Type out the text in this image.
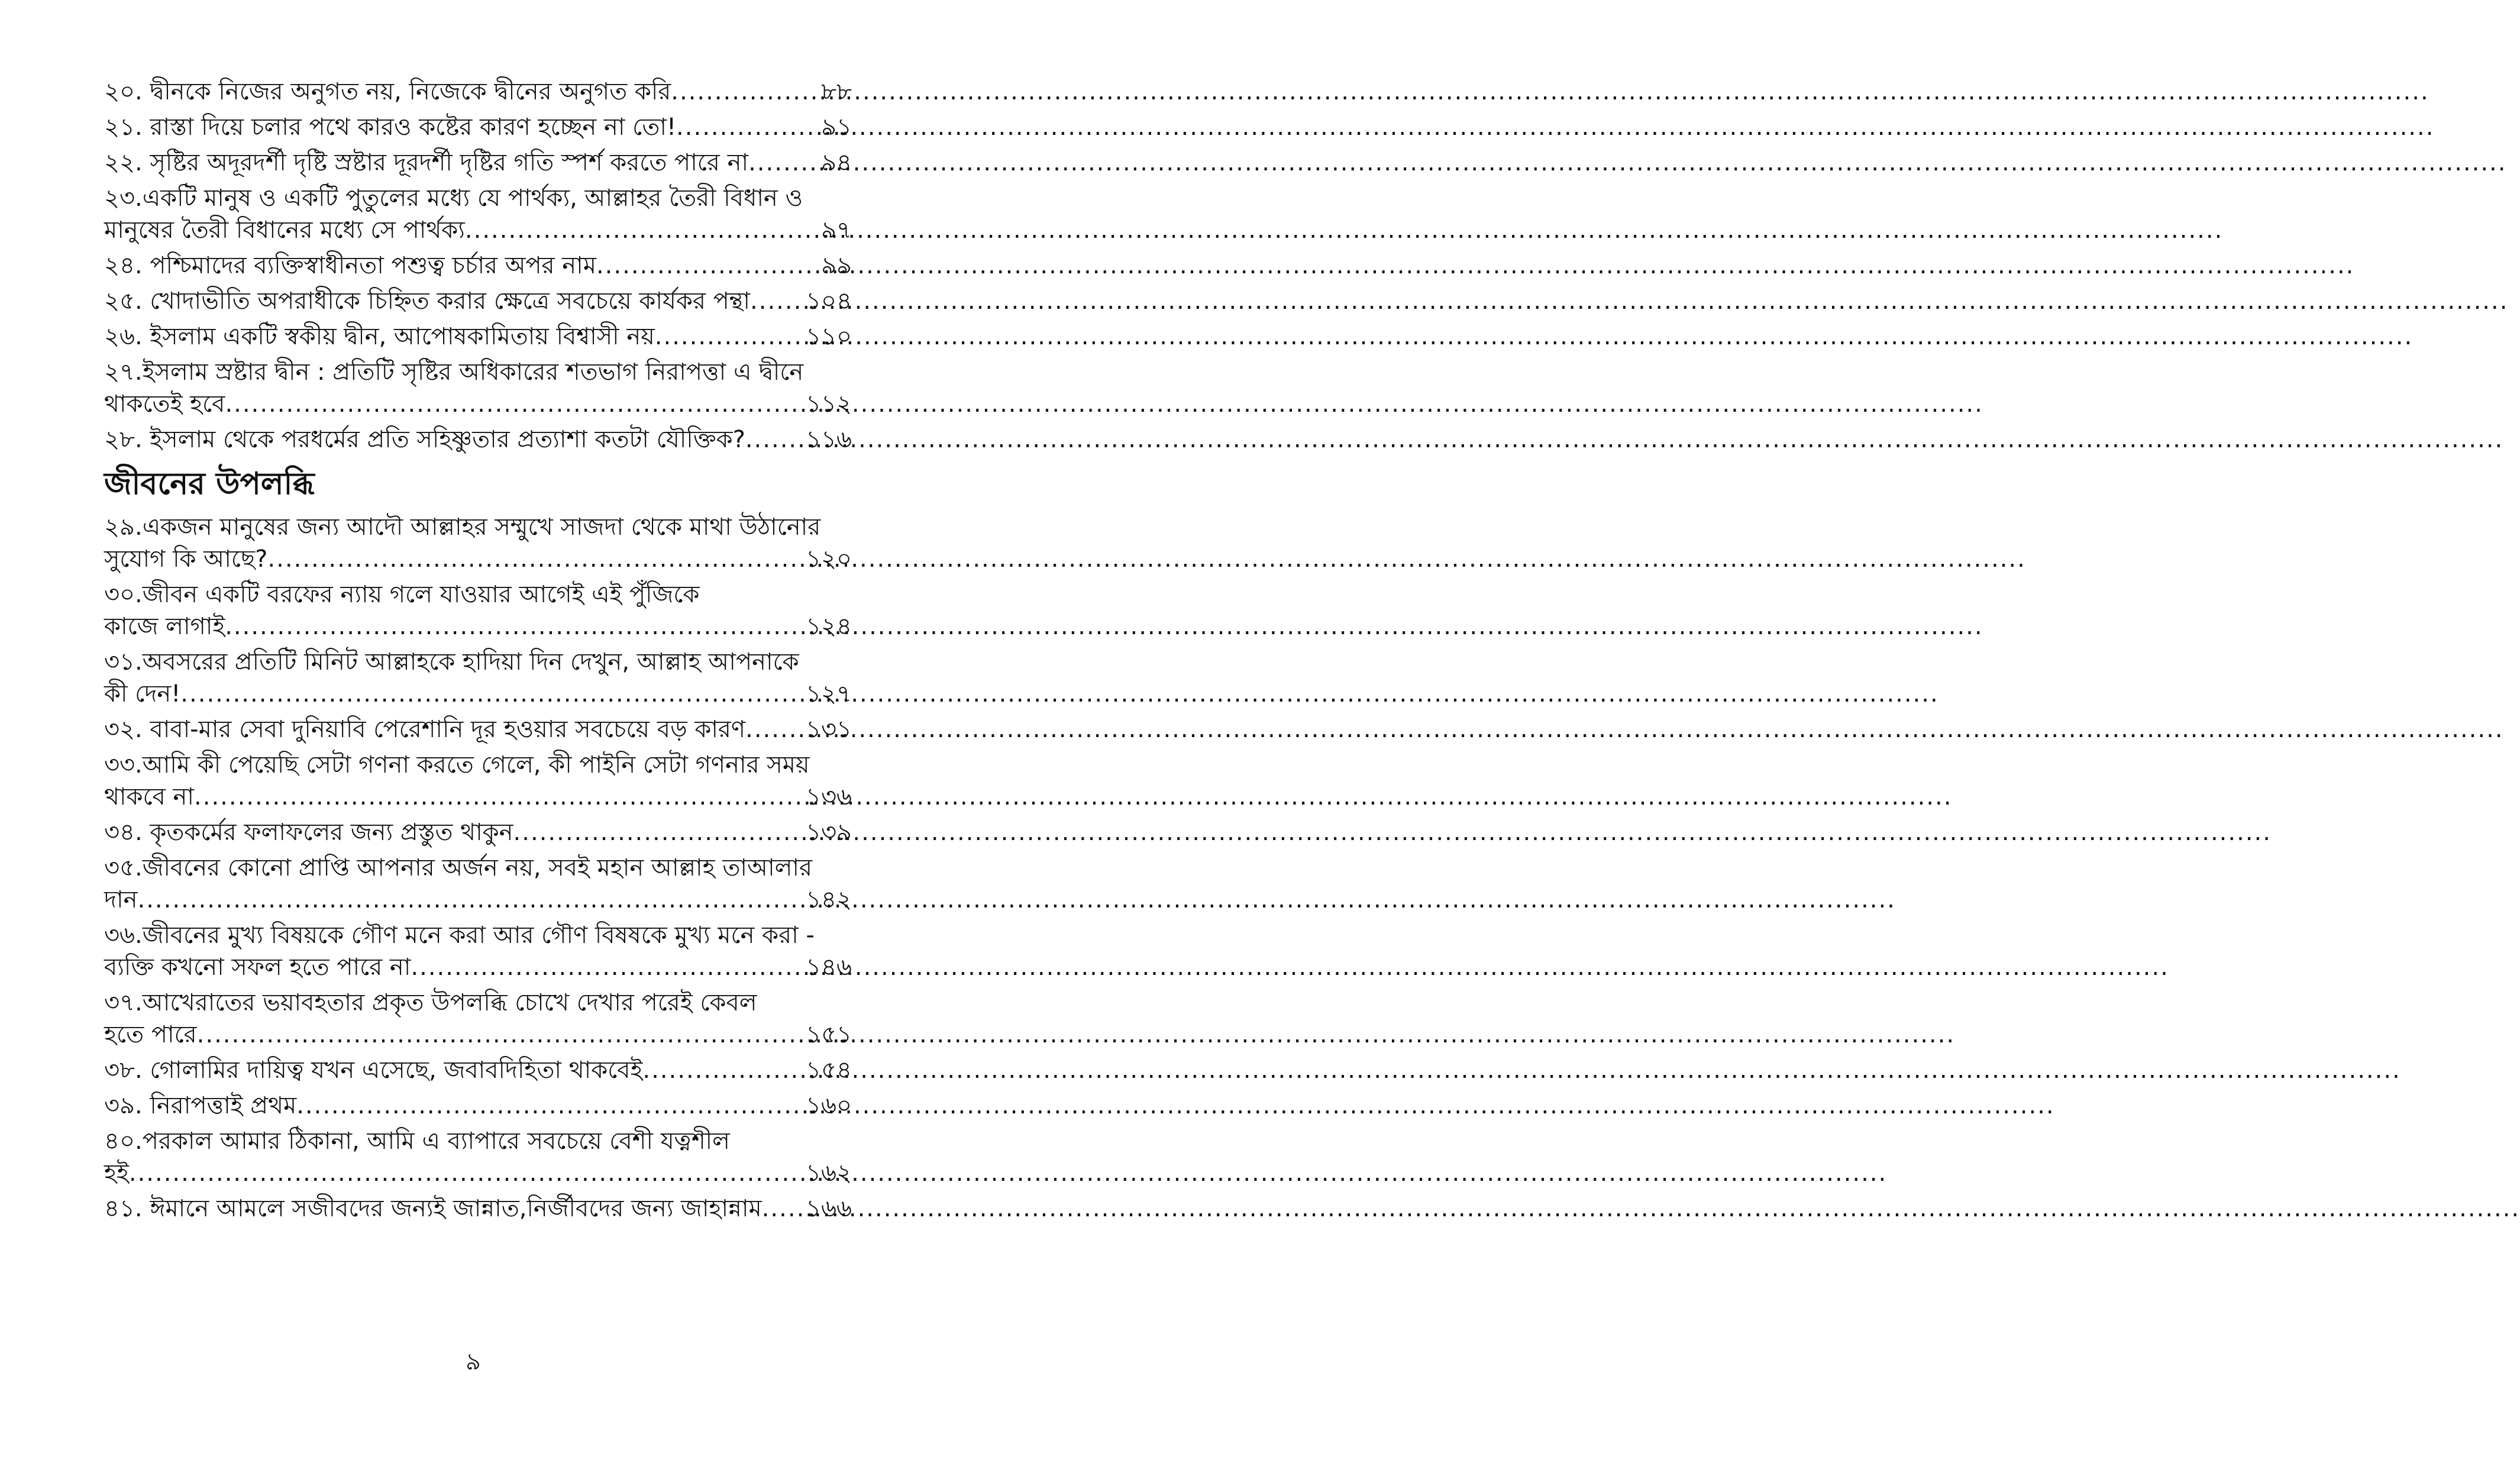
২০. দ্বীনকে নিজের অনুগত নয়, নিজেকে দ্বীনের অনুগত করি .....	৮৮
২১. রাস্তা দিয়ে চলার পথে কারও কষ্টের কারণ হচ্ছেন না তো! .....	৯১
২২. সৃষ্টির অদূরদর্শী দৃষ্টি স্রষ্টার দূরদর্শী দৃষ্টির গতি স্পর্শ করতে পারে না .....	৯৪
২৩. একটি মানুষ ও একটি পুতুলের মধ্যে যে পার্থক্য, আল্লাহর তৈরী বিধান ও
মানুষের তৈরী বিধানের মধ্যে সে পার্থক্য .....	৯৭
২৪. পশ্চিমাদের ব্যক্তিস্বাধীনতা পশুত্ব চর্চার অপর নাম .....	৯৯
২৫. খোদাভীতি অপরাধীকে চিহ্নিত করার ক্ষেত্রে সবচেয়ে কার্যকর পন্থা ..... ১০৪
২৬. ইসলাম একটি স্বকীয় দ্বীন, আপোষকামিতায় বিশ্বাসী নয় .....	১১০
২৭. ইসলাম স্রষ্টার দ্বীন : প্রতিটি সৃষ্টির অধিকারের শতভাগ নিরাপত্তা এ দ্বীনে
থাকতেই হবে .....	১১২
২৮. ইসলাম থেকে পরধর্মের প্রতি সহিষ্ণুতার প্রত্যাশা কতটা যৌক্তিক? .....	১১৬
জীবনের উপলব্ধি
২৯. একজন মানুষের জন্য আদৌ আল্লাহর সম্মুখে সাজদা থেকে মাথা উঠানোর
সুযোগ কি আছে? .....	১২০
৩০. জীবন একটি বরফের ন্যায় গলে যাওয়ার আগেই এই পুঁজিকে
কাজে লাগাই .....	১২৪
৩১. অবসরের প্রতিটি মিনিট আল্লাহকে হাদিয়া দিন দেখুন, আল্লাহ আপনাকে
কী দেন! .....	১২৭
৩২. বাবা-মার সেবা দুনিয়াবি পেরেশানি দূর হওয়ার সবচেয়ে বড় কারণ .....	১৩১
৩৩. আমি কী পেয়েছি সেটা গণনা করতে গেলে, কী পাইনি সেটা গণনার সময়
থাকবে না .....	১৩৬
৩৪. কৃতকর্মের ফলাফলের জন্য প্রস্তুত থাকুন .....	১৩৯
৩৫. জীবনের কোনো প্রাপ্তি আপনার অর্জন নয়, সবই মহান আল্লাহ তাআলার
দান .....	১৪২
৩৬. জীবনের মুখ্য বিষয়কে গৌণ মনে করা আর গৌণ বিষষকে মুখ্য মনে করা -
ব্যক্তি কখনো সফল হতে পারে না .....	১৪৬
৩৭. আখেরাতের ভয়াবহতার প্রকৃত উপলব্ধি চোখে দেখার পরেই কেবল
হতে পারে .....	১৫১
৩৮. গোলামির দায়িত্ব যখন এসেছে, জবাবদিহিতা থাকবেই .....	১৫৪
৩৯. নিরাপত্তাই প্রথম .....	১৬০
৪০. পরকাল আমার ঠিকানা, আমি এ ব্যাপারে সবচেয়ে বেশী যত্নশীল
হই .....	১৬২
৪১. ঈমানে আমলে সজীবদের জন্যই জান্নাত,নির্জীবদের জন্য জাহান্নাম ..... ১৬৬
৯
